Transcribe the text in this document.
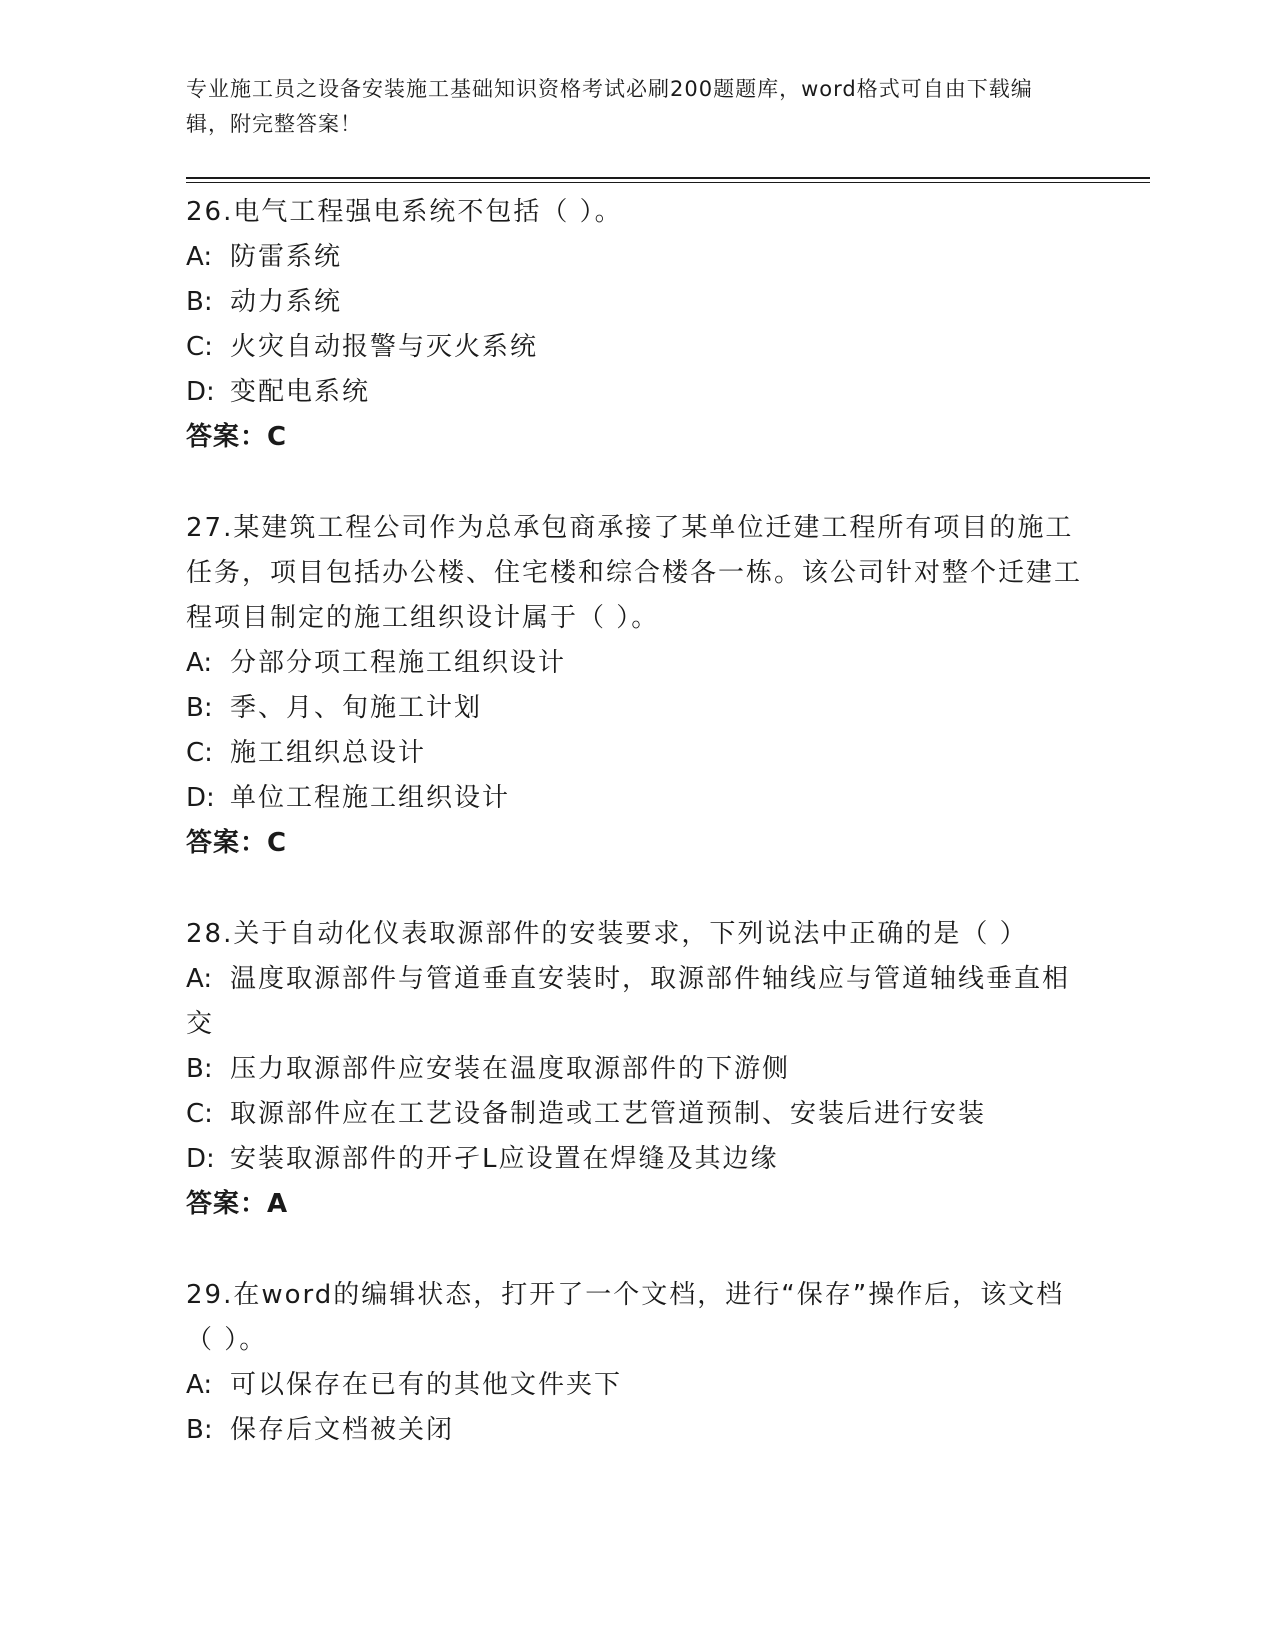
专业施工员之设备安装施工基础知识资格考试必刷200题题库，word格式可自由下载编辑，附完整答案！
26.电气工程强电系统不包括（ ）。
A: 防雷系统
B: 动力系统
C: 火灾自动报警与灭火系统
D: 变配电系统
答案：C
27.某建筑工程公司作为总承包商承接了某单位迁建工程所有项目的施工任务，项目包括办公楼、住宅楼和综合楼各一栋。该公司针对整个迁建工程项目制定的施工组织设计属于（ ）。
A: 分部分项工程施工组织设计
B: 季、月、旬施工计划
C: 施工组织总设计
D: 单位工程施工组织设计
答案：C
28.关于自动化仪表取源部件的安装要求，下列说法中正确的是（ ）
A: 温度取源部件与管道垂直安装时，取源部件轴线应与管道轴线垂直相交
B: 压力取源部件应安装在温度取源部件的下游侧
C: 取源部件应在工艺设备制造或工艺管道预制、安装后进行安装
D: 安装取源部件的开孑L应设置在焊缝及其边缘
答案：A
29.在word的编辑状态，打开了一个文档，进行“保存”操作后，该文档（ ）。
A: 可以保存在已有的其他文件夹下
B: 保存后文档被关闭
